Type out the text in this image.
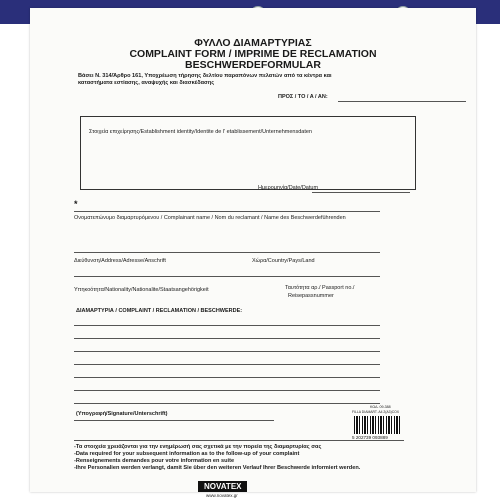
ΦΥΛΛΟ ΔΙΑΜΑΡΤΥΡΙΑΣ
COMPLAINT FORM / IMPRIME DE RECLAMATION
BESCHWERDEFORMULAR
Βάσει Ν. 314/Άρθρο 161, Υποχρέωση τήρησης δελτίου παραπόνων πελατών από τα κέντρα και καταστήματα εστίασης, αναψυχής και διασκέδασης
ΠΡΟΣ / TO / A / AN:
Στοιχεία επιχείρησης/Establishment identity/Identite de l' etablissement/Unternehmensdaten
Ημερομηνία/Date/Datum
*
Ονοματεπώνυμο διαμαρτυρόμενου / Complainant name / Nom du reclamant / Name des Beschwerdeführenden
Διεύθυνση/Address/Adresse/Anschrift	Χώρα/Country/Pays/Land
Υπηκοότητα/Nationality/Nationalite/Staatsangehörigkeit	Ταυτότητα αρ./ Passport no./
Reisepassnummer
ΔΙΑΜΑΡΤΥΡΙΑ / COMPLAINT / RECLAMATION / BESCHWERDE:
(Υπογραφή/Signature/Unterschrift)
ΚΩΔ. 09-388
FILLA DIAMART. A4 2(A3)COX
5 202739 093889
-Τα στοιχεία χρειάζονται για την ενημέρωσή σας σχετικά με την πορεία της διαμαρτυρίας σας
-Data required for your subsequent information as to the follow-up of your complaint
-Renseignements demandes pour votre information en suite
-Ihre Personalien werden verlangt, damit Sie über den weiteren Verlauf Ihrer Beschwerde informiert werden.
NOVATEX
www.novatex.gr
